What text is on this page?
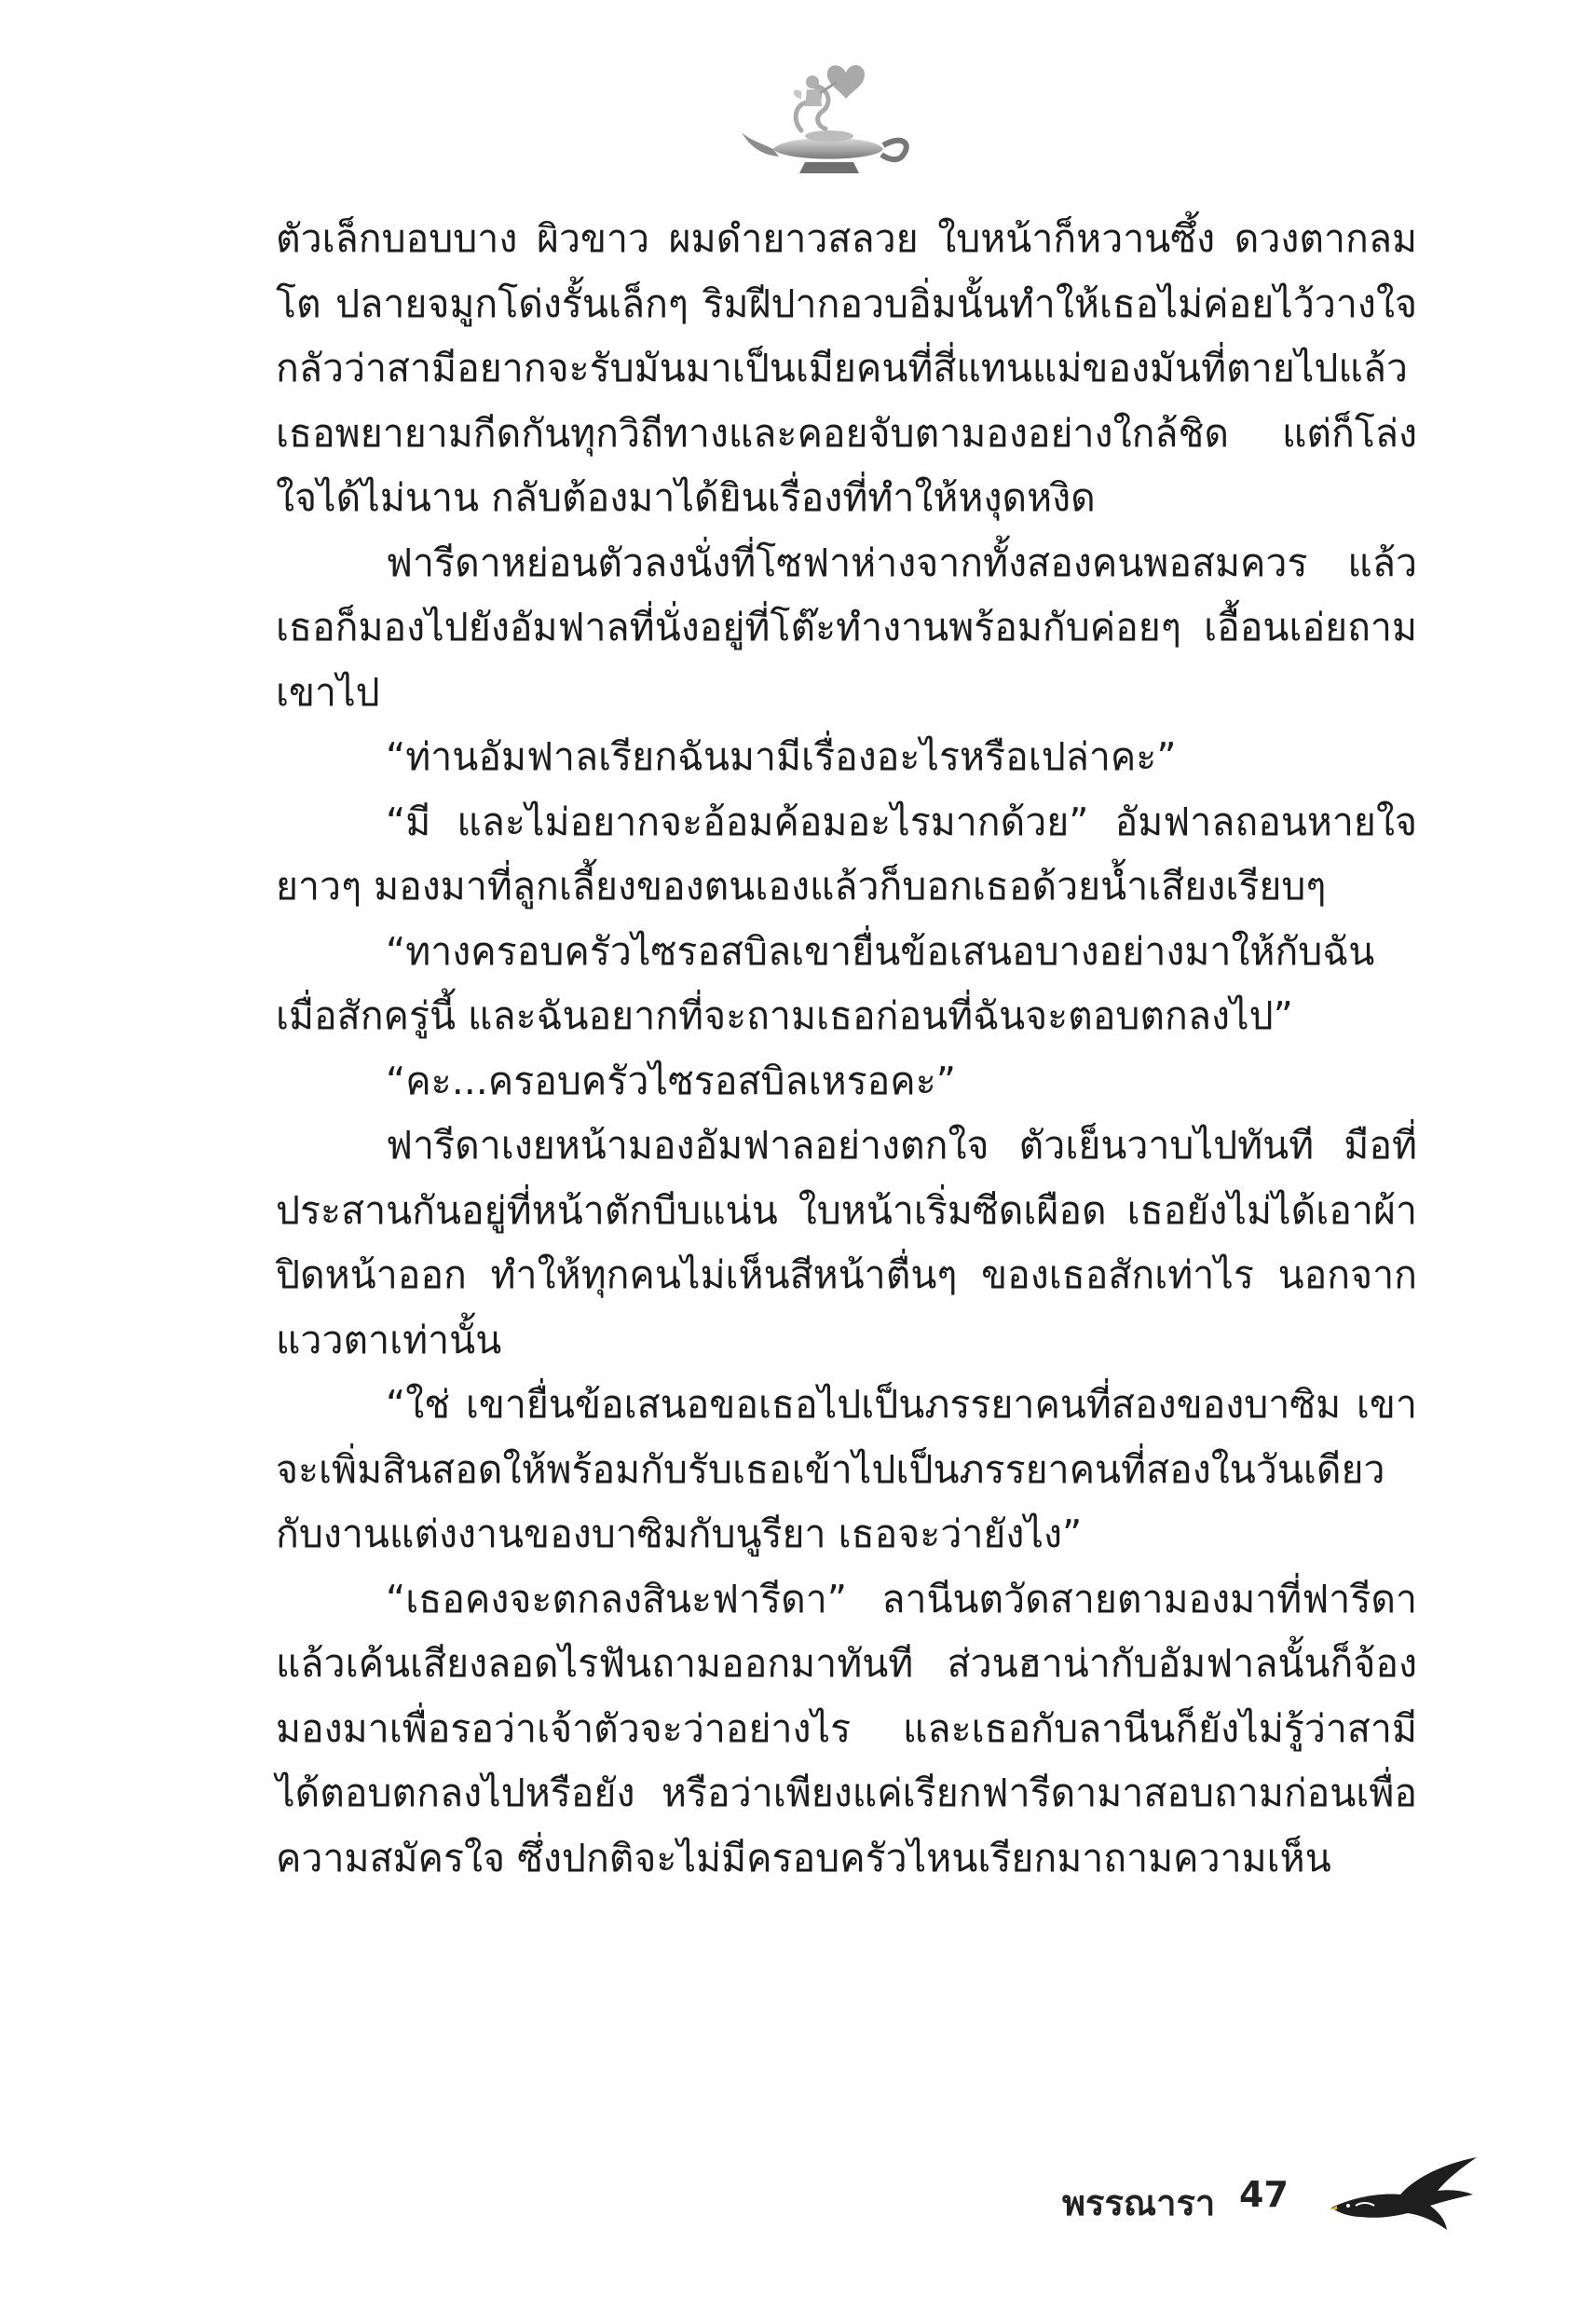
ตัวเล็กบอบบาง ผิวขาว ผมดำยาวสลวย ใบหน้าก็หวานซึ้ง ดวงตากลมโต ปลายจมูกโด่งรั้นเล็กๆ ริมฝีปากอวบอิ่มนั้นทำให้เธอไม่ค่อยไว้วางใจ กลัวว่าสามีอยากจะรับมันมาเป็นเมียคนที่สี่แทนแม่ของมันที่ตายไปแล้ว เธอพยายามกีดกันทุกวิถีทางและคอยจับตามองอย่างใกล้ชิด แต่ก็โล่งใจได้ไม่นาน กลับต้องมาได้ยินเรื่องที่ทำให้หงุดหงิด

ฟารีดาหย่อนตัวลงนั่งที่โซฟาห่างจากทั้งสองคนพอสมควร แล้วเธอก็มองไปยังอัมฟาลที่นั่งอยู่ที่โต๊ะทำงานพร้อมกับค่อยๆ เอื้อนเอ่ยถามเขาไป

“ท่านอัมฟาลเรียกฉันมามีเรื่องอะไรหรือเปล่าคะ”

“มี และไม่อยากจะอ้อมค้อมอะไรมากด้วย” อัมฟาลถอนหายใจยาวๆ มองมาที่ลูกเลี้ยงของตนเองแล้วก็บอกเธอด้วยน้ำเสียงเรียบๆ

“ทางครอบครัวไซรอสบิลเขายื่นข้อเสนอบางอย่างมาให้กับฉันเมื่อสักครู่นี้ และฉันอยากที่จะถามเธอก่อนที่ฉันจะตอบตกลงไป”

“คะ...ครอบครัวไซรอสบิลเหรอคะ”

ฟารีดาเงยหน้ามองอัมฟาลอย่างตกใจ ตัวเย็นวาบไปทันที มือที่ประสานกันอยู่ที่หน้าตักบีบแน่น ใบหน้าเริ่มซีดเผือด เธอยังไม่ได้เอาผ้าปิดหน้าออก ทำให้ทุกคนไม่เห็นสีหน้าตื่นๆ ของเธอสักเท่าไร นอกจากแววตาเท่านั้น

“ใช่ เขายื่นข้อเสนอขอเธอไปเป็นภรรยาคนที่สองของบาซิม เขาจะเพิ่มสินสอดให้พร้อมกับรับเธอเข้าไปเป็นภรรยาคนที่สองในวันเดียวกับงานแต่งงานของบาซิมกับนูรียา เธอจะว่ายังไง”

“เธอคงจะตกลงสินะฟารีดา” ลานีนตวัดสายตามองมาที่ฟารีดาแล้วเค้นเสียงลอดไรฟันถามออกมาทันที ส่วนฮาน่ากับอัมฟาลนั้นก็จ้องมองมาเพื่อรอว่าเจ้าตัวจะว่าอย่างไร และเธอกับลานีนก็ยังไม่รู้ว่าสามีได้ตอบตกลงไปหรือยัง หรือว่าเพียงแค่เรียกฟารีดามาสอบถามก่อนเพื่อความสมัครใจ ซึ่งปกติจะไม่มีครอบครัวไหนเรียกมาถามความเห็น

พรรณารา 47
